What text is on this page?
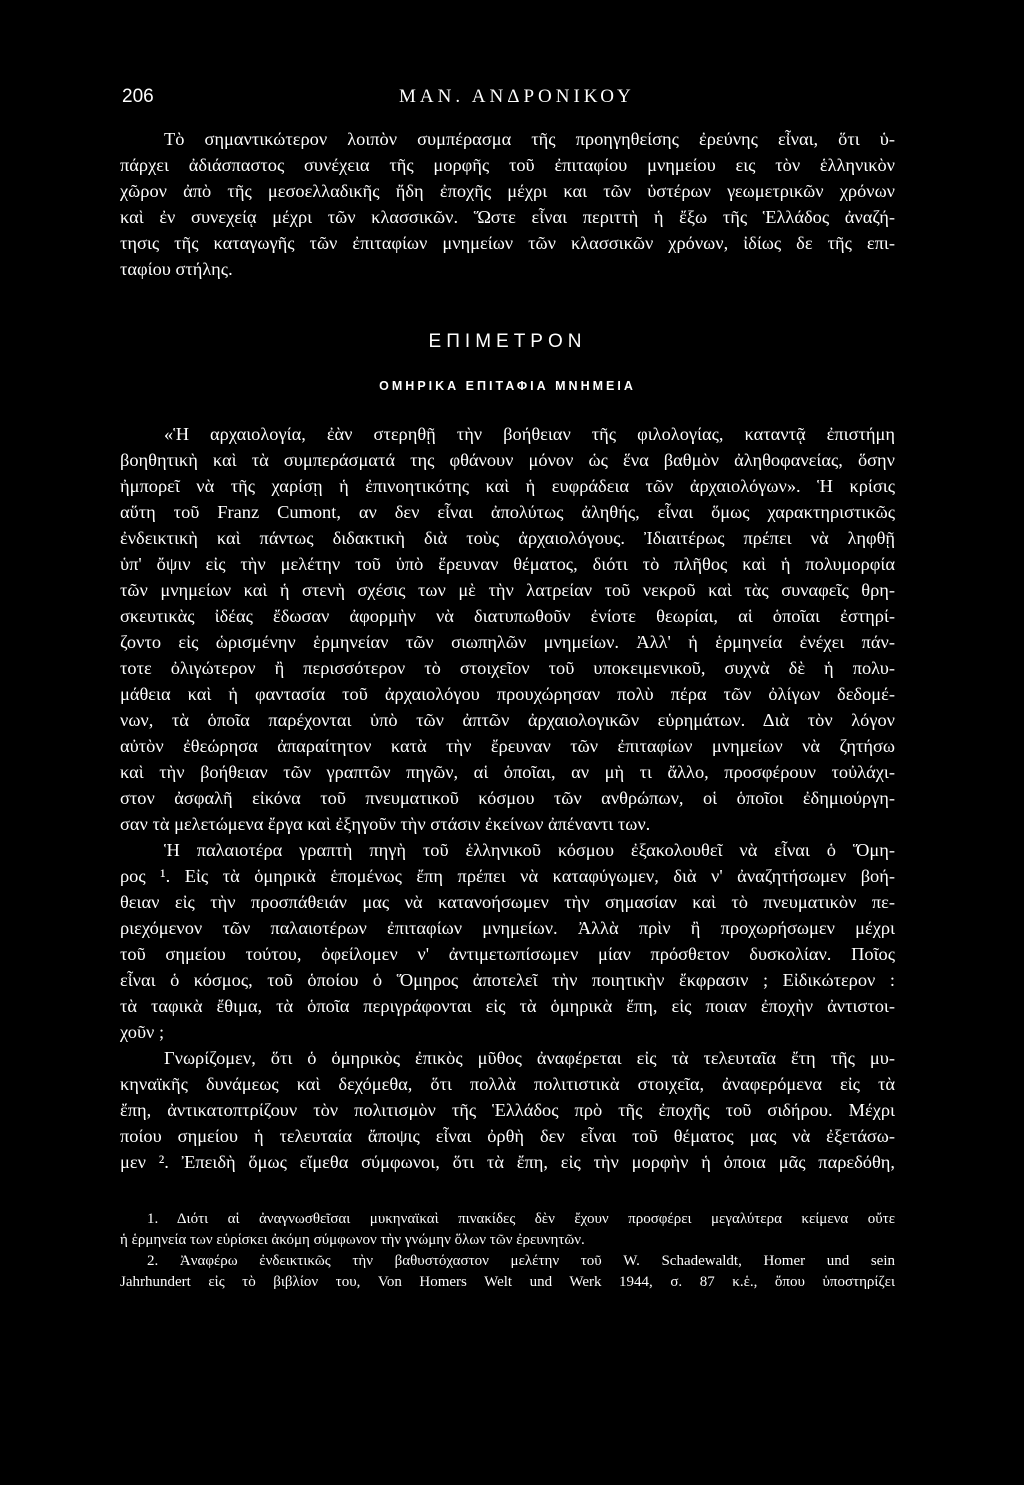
206	ΜΑΝ. ΑΝΔΡΟΝΙΚΟΥ
Τὸ σημαντικώτερον λοιπὸν συμπέρασμα τῆς προηγηθείσης ἐρεύνης εἶναι, ὅτι ὑ-
πάρχει ἀδιάσπαστος συνέχεια τῆς μορφῆς τοῦ ἐπιταφίου μνημείου εις τὸν ἑλληνικὸν
χῶρον ἀπὸ τῆς μεσοελλαδικῆς ἤδη ἐποχῆς μέχρι και τῶν ὑστέρων γεωμετρικῶν χρόνων
καὶ ἐν συνεχείᾳ μέχρι τῶν κλασσικῶν. Ὥστε εἶναι περιττὴ ἡ ἔξω τῆς Ἑλλάδος ἀναζή-
τησις τῆς καταγωγῆς τῶν ἐπιταφίων μνημείων τῶν κλασσικῶν χρόνων, ἰδίως δε τῆς επι-
ταφίου στήλης.
ΕΠΙΜΕΤΡΟΝ
ΟΜΗΡΙΚΑ ΕΠΙΤΑΦΙΑ ΜΝΗΜΕΙΑ
«Ἡ αρχαιολογία, ἐὰν στερηθῇ τὴν βοήθειαν τῆς φιλολογίας, καταντᾷ ἐπιστήμη
βοηθητικὴ καὶ τὰ συμπεράσματά της φθάνουν μόνον ὡς ἕνα βαθμὸν ἀληθοφανείας, ὅσην
ἠμπορεῖ νὰ τῆς χαρίσῃ ἡ ἐπινοητικότης καὶ ἡ ευφράδεια τῶν ἀρχαιολόγων». Ἡ κρίσις
αὕτη τοῦ Franz Cumont, αν δεν εἶναι ἀπολύτως ἀληθής, εἶναι ὅμως χαρακτηριστικῶς
ἐνδεικτικὴ καὶ πάντως διδακτικὴ διὰ τοὺς ἀρχαιολόγους. Ἰδιαιτέρως πρέπει νὰ ληφθῇ
ὑπ' ὄψιν εἰς τὴν μελέτην τοῦ ὑπὸ ἔρευναν θέματος, διότι τὸ πλῆθος καὶ ἡ πολυμορφία
τῶν μνημείων καὶ ἡ στενὴ σχέσις των μὲ τὴν λατρείαν τοῦ νεκροῦ καὶ τὰς συναφεῖς θρη-
σκευτικὰς ἰδέας ἔδωσαν ἀφορμὴν νὰ διατυπωθοῦν ἐνίοτε θεωρίαι, αἱ ὁποῖαι ἐστηρί-
ζοντο εἰς ὡρισμένην ἑρμηνείαν τῶν σιωπηλῶν μνημείων. Ἀλλ' ἡ ἑρμηνεία ἐνέχει πάν-
τοτε ὀλιγώτερον ἢ περισσότερον τὸ στοιχεῖον τοῦ υποκειμενικοῦ, συχνὰ δὲ ἡ πολυ-
μάθεια καὶ ἡ φαντασία τοῦ ἀρχαιολόγου προυχώρησαν πολὺ πέρα τῶν ὀλίγων δεδομέ-
νων, τὰ ὁποῖα παρέχονται ὑπὸ τῶν ἀπτῶν ἀρχαιολογικῶν εὑρημάτων. Διὰ τὸν λόγον
αὐτὸν ἐθεώρησα ἀπαραίτητον κατὰ τὴν ἔρευναν τῶν ἐπιταφίων μνημείων νὰ ζητήσω
καὶ τὴν βοήθειαν τῶν γραπτῶν πηγῶν, αἱ ὁποῖαι, αν μὴ τι ἄλλο, προσφέρουν τοὐλάχι-
στον ἀσφαλῆ εἰκόνα τοῦ πνευματικοῦ κόσμου τῶν ανθρώπων, οἱ ὁποῖοι ἐδημιούργη-
σαν τὰ μελετώμενα ἔργα καὶ ἐξηγοῦν τὴν στάσιν ἐκείνων ἀπέναντι των.
Ἡ παλαιοτέρα γραπτὴ πηγὴ τοῦ ἑλληνικοῦ κόσμου ἐξακολουθεῖ νὰ εἶναι ὁ Ὅμη-
ρος ¹. Εἰς τὰ ὁμηρικὰ ἑπομένως ἔπη πρέπει νὰ καταφύγωμεν, διὰ ν' ἀναζητήσωμεν βοή-
θειαν εἰς τὴν προσπάθειάν μας νὰ κατανοήσωμεν τὴν σημασίαν καὶ τὸ πνευματικὸν πε-
ριεχόμενον τῶν παλαιοτέρων ἐπιταφίων μνημείων. Ἀλλὰ πρὶν ἢ προχωρήσωμεν μέχρι
τοῦ σημείου τούτου, ὀφείλομεν ν' ἀντιμετωπίσωμεν μίαν πρόσθετον δυσκολίαν. Ποῖος
εἶναι ὁ κόσμος, τοῦ ὁποίου ὁ Ὅμηρος ἀποτελεῖ τὴν ποιητικὴν ἔκφρασιν ; Εἰδικώτερον :
τὰ ταφικὰ ἔθιμα, τὰ ὁποῖα περιγράφονται εἰς τὰ ὁμηρικὰ ἔπη, εἰς ποιαν ἐποχὴν ἀντιστοι-
χοῦν ;
Γνωρίζομεν, ὅτι ὁ ὁμηρικὸς ἐπικὸς μῦθος ἀναφέρεται εἰς τὰ τελευταῖα ἔτη τῆς μυ-
κηναϊκῆς δυνάμεως καὶ δεχόμεθα, ὅτι πολλὰ πολιτιστικὰ στοιχεῖα, ἀναφερόμενα εἰς τὰ
ἔπη, ἀντικατοπτρίζουν τὸν πολιτισμὸν τῆς Ἑλλάδος πρὸ τῆς ἐποχῆς τοῦ σιδήρου. Μέχρι
ποίου σημείου ἡ τελευταία ἄποψις εἶναι ὀρθὴ δεν εἶναι τοῦ θέματος μας νὰ ἐξετάσω-
μεν ². Ἐπειδὴ ὅμως εἴμεθα σύμφωνοι, ὅτι τὰ ἔπη, εἰς τὴν μορφὴν ἡ ὁποια μᾶς παρεδόθη,
1. Διότι αἱ ἀναγνωσθεῖσαι μυκηναϊκαὶ πινακίδες δὲν ἔχουν προσφέρει μεγαλύτερα κείμενα οὔτε
ἡ ἑρμηνεία των εὑρίσκει ἀκόμη σύμφωνον τὴν γνώμην ὅλων τῶν ἐρευνητῶν.
2. Ἀναφέρω ἐνδεικτικῶς τὴν βαθυστόχαστον μελέτην τοῦ W. Schadewaldt, Homer und sein
Jahrhundert εἰς τὸ βιβλίον του, Von Homers Welt und Werk 1944, σ. 87 κ.ἑ., ὅπου ὑποστηρίζει
